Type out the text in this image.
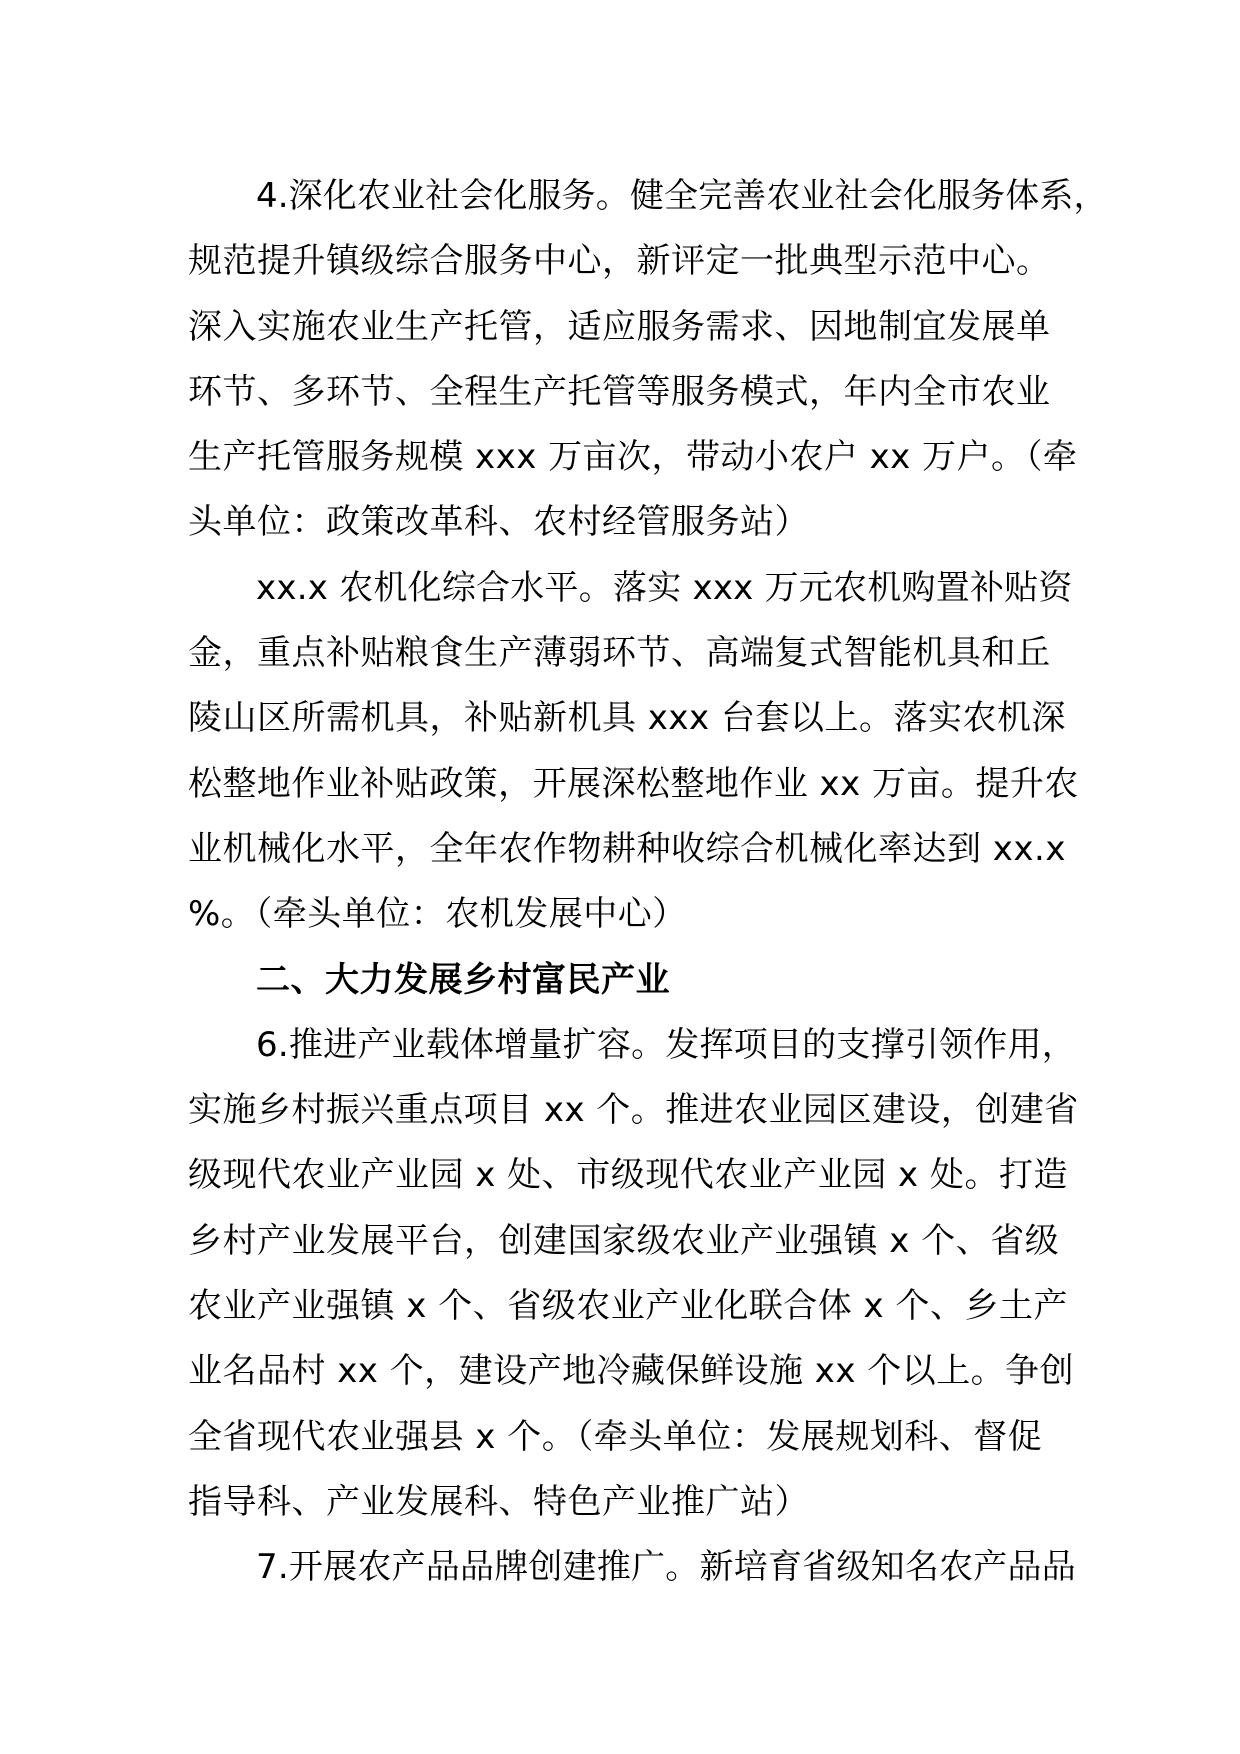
4.深化农业社会化服务。健全完善农业社会化服务体系，
规范提升镇级综合服务中心，新评定一批典型示范中心。
深入实施农业生产托管，适应服务需求、因地制宜发展单
环节、多环节、全程生产托管等服务模式，年内全市农业
生产托管服务规模 xxx 万亩次，带动小农户 xx 万户。（牵
头单位：政策改革科、农村经管服务站）

xx.x 农机化综合水平。落实 xxx 万元农机购置补贴资
金，重点补贴粮食生产薄弱环节、高端复式智能机具和丘
陵山区所需机具，补贴新机具 xxx 台套以上。落实农机深
松整地作业补贴政策，开展深松整地作业 xx 万亩。提升农
业机械化水平，全年农作物耕种收综合机械化率达到 xx.x
%。（牵头单位：农机发展中心）

二、大力发展乡村富民产业

6.推进产业载体增量扩容。发挥项目的支撑引领作用，
实施乡村振兴重点项目 xx 个。推进农业园区建设，创建省
级现代农业产业园 x 处、市级现代农业产业园 x 处。打造
乡村产业发展平台，创建国家级农业产业强镇 x 个、省级
农业产业强镇 x 个、省级农业产业化联合体 x 个、乡土产
业名品村 xx 个，建设产地冷藏保鲜设施 xx 个以上。争创
全省现代农业强县 x 个。（牵头单位：发展规划科、督促
指导科、产业发展科、特色产业推广站）

7.开展农产品品牌创建推广。新培育省级知名农产品品
